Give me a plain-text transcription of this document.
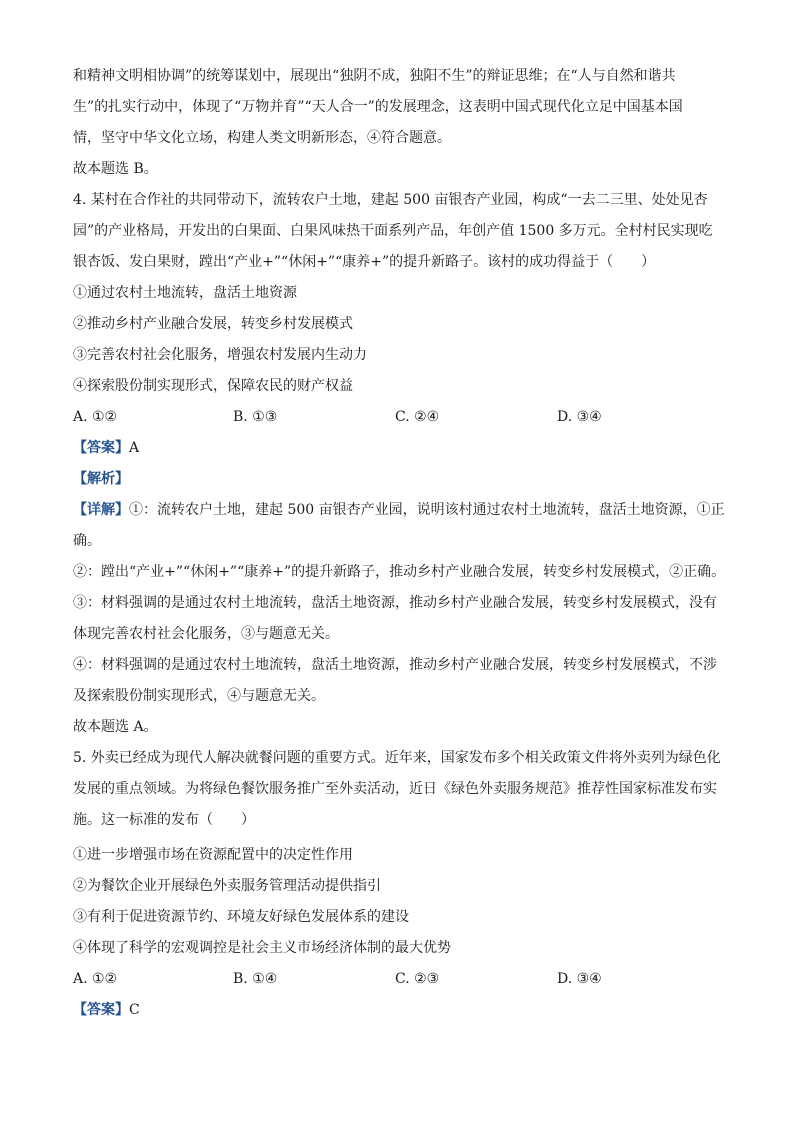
和精神文明相协调”的统筹谋划中，展现出“独阴不成，独阳不生”的辩证思维；在“人与自然和谐共
生”的扎实行动中，体现了“万物并育”“天人合一”的发展理念，这表明中国式现代化立足中国基本国
情，坚守中华文化立场，构建人类文明新形态，④符合题意。
故本题选 B。
4. 某村在合作社的共同带动下，流转农户土地，建起 500 亩银杏产业园，构成“一去二三里、处处见杏
园”的产业格局，开发出的白果面、白果风味热干面系列产品，年创产值 1500 多万元。全村村民实现吃
银杏饭、发白果财，蹚出“产业+”“休闲+”“康养+”的提升新路子。该村的成功得益于（　　）
①通过农村土地流转，盘活土地资源
②推动乡村产业融合发展，转变乡村发展模式
③完善农村社会化服务，增强农村发展内生动力
④探索股份制实现形式，保障农民的财产权益
A. ①②	B. ①③	C. ②④	D. ③④
【答案】A
【解析】
【详解】①：流转农户土地，建起 500 亩银杏产业园，说明该村通过农村土地流转，盘活土地资源，①正
确。
②：蹚出“产业+”“休闲+”“康养+”的提升新路子，推动乡村产业融合发展，转变乡村发展模式，②正确。
③：材料强调的是通过农村土地流转，盘活土地资源，推动乡村产业融合发展，转变乡村发展模式，没有
体现完善农村社会化服务，③与题意无关。
④：材料强调的是通过农村土地流转，盘活土地资源，推动乡村产业融合发展，转变乡村发展模式，不涉
及探索股份制实现形式，④与题意无关。
故本题选 A。
5. 外卖已经成为现代人解决就餐问题的重要方式。近年来，国家发布多个相关政策文件将外卖列为绿色化
发展的重点领域。为将绿色餐饮服务推广至外卖活动，近日《绿色外卖服务规范》推荐性国家标准发布实
施。这一标准的发布（　　）
①进一步增强市场在资源配置中的决定性作用
②为餐饮企业开展绿色外卖服务管理活动提供指引
③有利于促进资源节约、环境友好绿色发展体系的建设
④体现了科学的宏观调控是社会主义市场经济体制的最大优势
A. ①②	B. ①④	C. ②③	D. ③④
【答案】C
